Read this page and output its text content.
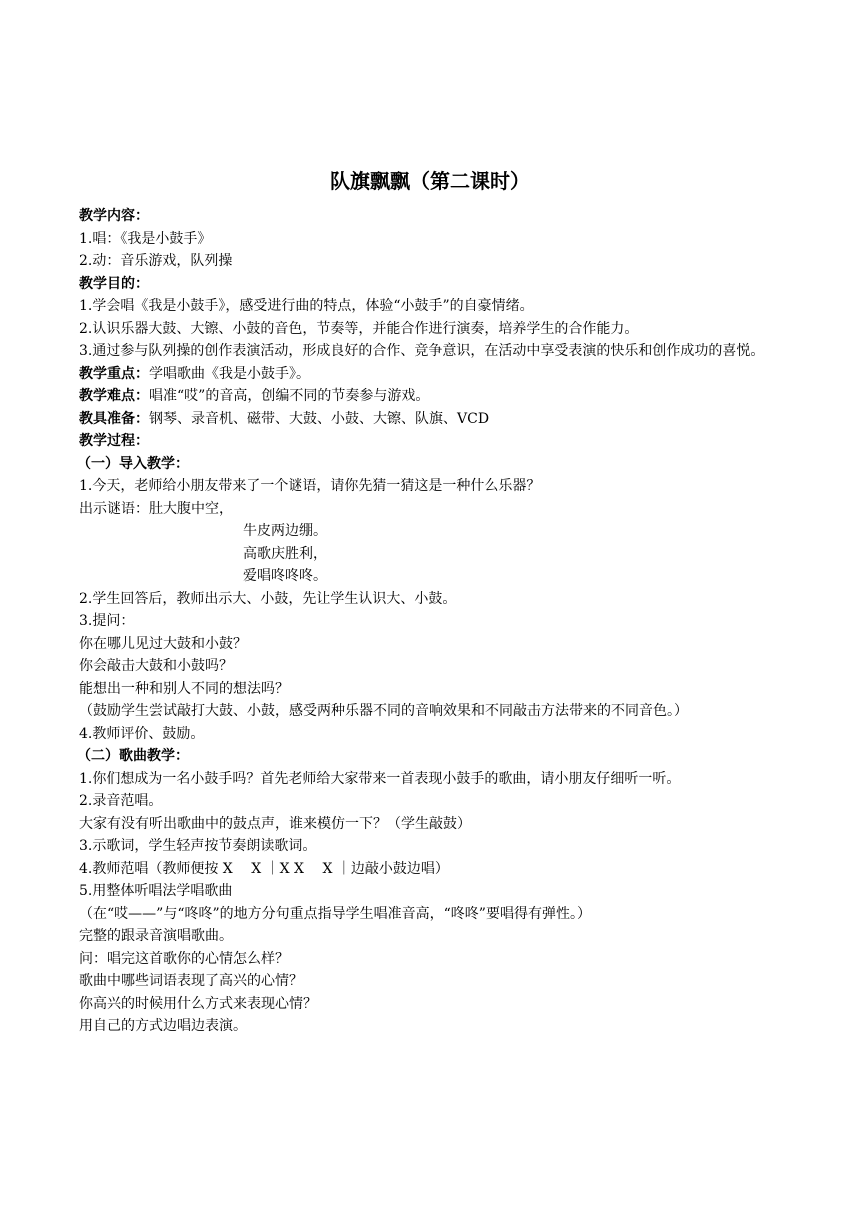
队旗飘飘（第二课时）
教学内容：
1.唱：《我是小鼓手》
2.动：音乐游戏，队列操
教学目的：
1.学会唱《我是小鼓手》，感受进行曲的特点，体验“小鼓手”的自豪情绪。
2.认识乐器大鼓、大镲、小鼓的音色，节奏等，并能合作进行演奏，培养学生的合作能力。
3.通过参与队列操的创作表演活动，形成良好的合作、竞争意识，在活动中享受表演的快乐和创作成功的喜悦。
教学重点：学唱歌曲《我是小鼓手》。
教学难点：唱准“哎”的音高，创编不同的节奏参与游戏。
教具准备：钢琴、录音机、磁带、大鼓、小鼓、大镲、队旗、VCD
教学过程：
（一）导入教学：
1.今天，老师给小朋友带来了一个谜语，请你先猜一猜这是一种什么乐器？
出示谜语：肚大腹中空，
牛皮两边绷。
高歌庆胜利，
爱唱咚咚咚。
2.学生回答后，教师出示大、小鼓，先让学生认识大、小鼓。
3.提问：
你在哪儿见过大鼓和小鼓？
你会敲击大鼓和小鼓吗？
能想出一种和别人不同的想法吗？
（鼓励学生尝试敲打大鼓、小鼓，感受两种乐器不同的音响效果和不同敲击方法带来的不同音色。）
4.教师评价、鼓励。
（二）歌曲教学：
1.你们想成为一名小鼓手吗？首先老师给大家带来一首表现小鼓手的歌曲，请小朋友仔细听一听。
2.录音范唱。
大家有没有听出歌曲中的鼓点声，谁来模仿一下？（学生敲鼓）
3.示歌词，学生轻声按节奏朗读歌词。
4.教师范唱（教师便按 X　 X ｜X X　 X ｜边敲小鼓边唱）
5.用整体听唱法学唱歌曲
（在“哎——”与“咚咚”的地方分句重点指导学生唱准音高，“咚咚”要唱得有弹性。）
完整的跟录音演唱歌曲。
问：唱完这首歌你的心情怎么样？
歌曲中哪些词语表现了高兴的心情？
你高兴的时候用什么方式来表现心情？
用自己的方式边唱边表演。
